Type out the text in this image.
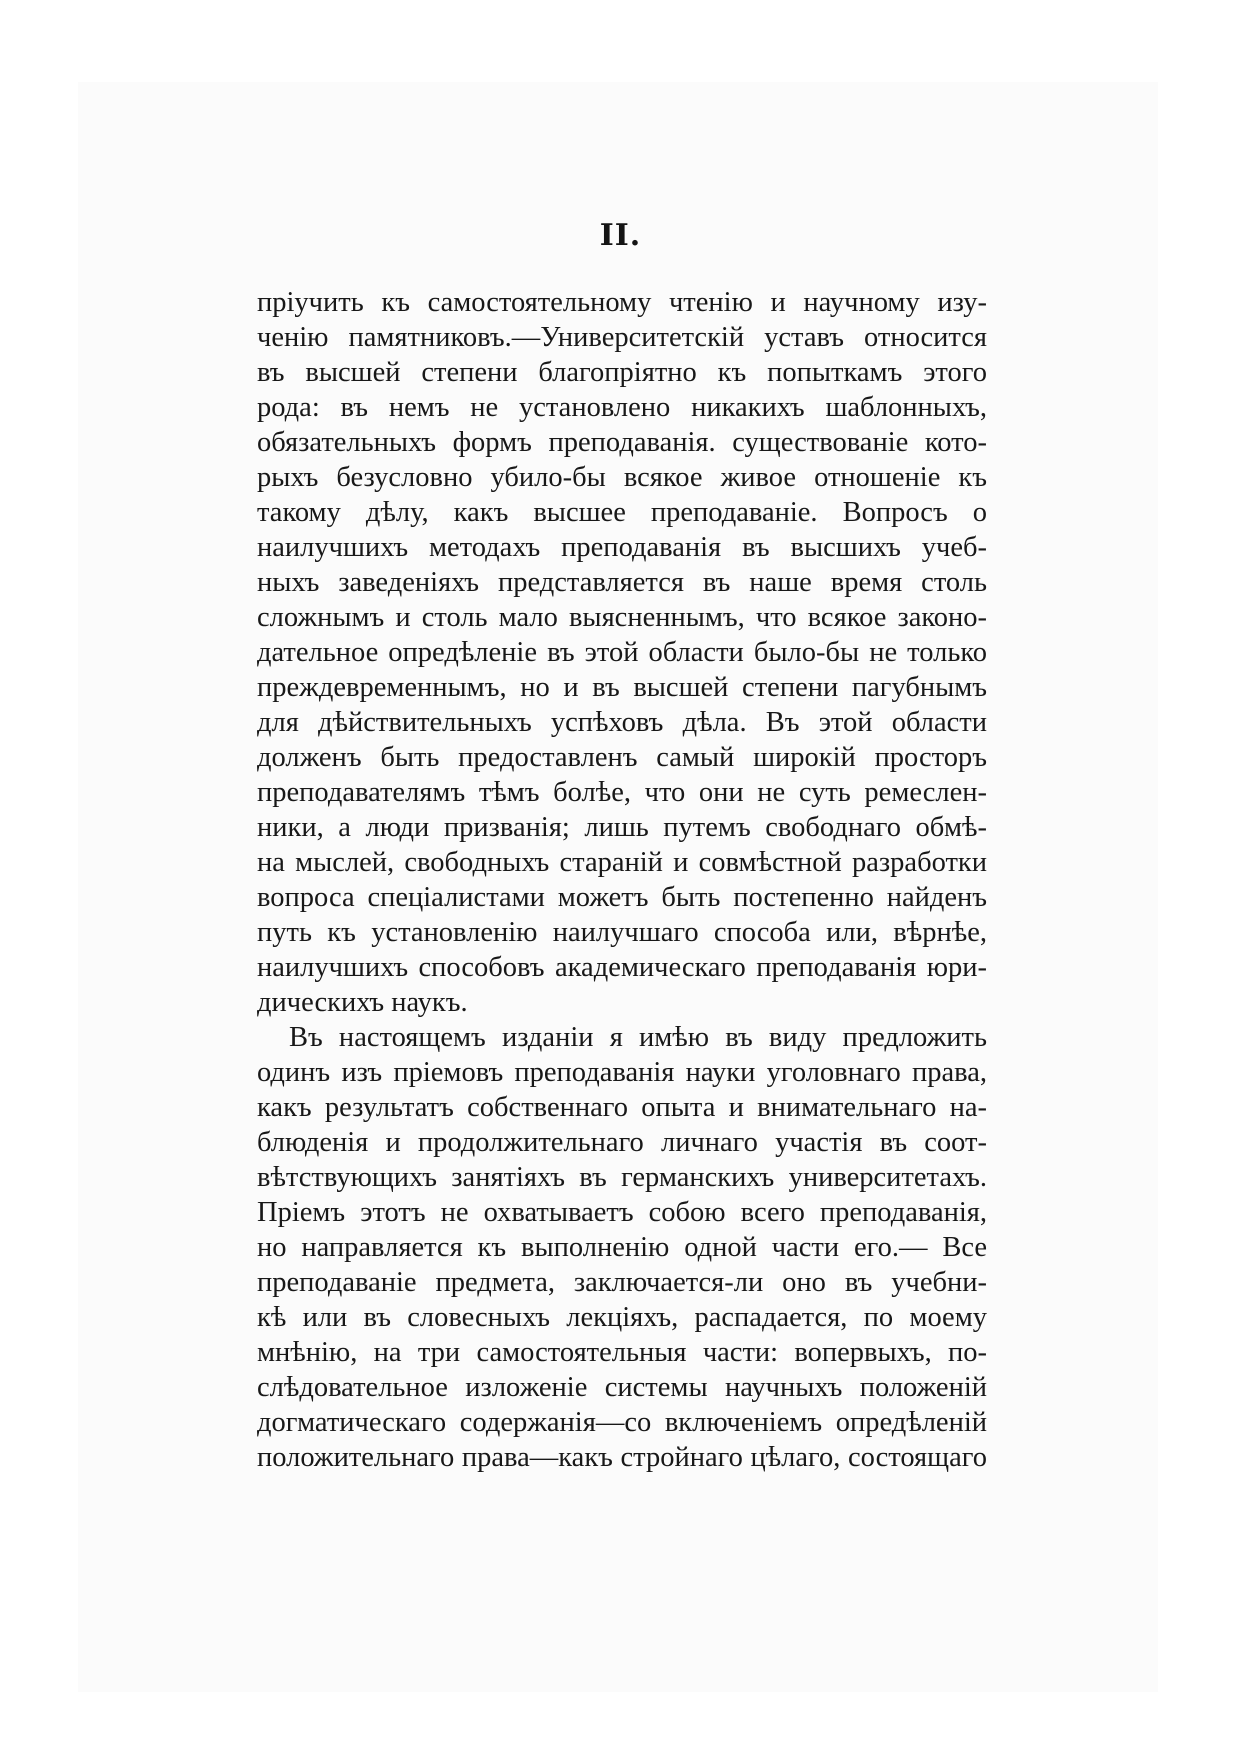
II.
пріучить къ самостоятельному чтенію и научному изу-
ченію памятниковъ.—Университетскій уставъ относится
въ высшей степени благопріятно къ попыткамъ этого
рода: въ немъ не установлено никакихъ шаблонныхъ,
обязательныхъ формъ преподаванія. существованіе кото-
рыхъ безусловно убило-бы всякое живое отношеніе къ
такому дѣлу, какъ высшее преподаваніе. Вопросъ о
наилучшихъ методахъ преподаванія въ высшихъ учеб-
ныхъ заведеніяхъ представляется въ наше время столь
сложнымъ и столь мало выясненнымъ, что всякое законо-
дательное опредѣленіе въ этой области было-бы не только
преждевременнымъ, но и въ высшей степени пагубнымъ
для дѣйствительныхъ успѣховъ дѣла. Въ этой области
долженъ быть предоставленъ самый широкій просторъ
преподавателямъ тѣмъ болѣе, что они не суть ремеслен-
ники, а люди призванія; лишь путемъ свободнаго обмѣ-
на мыслей, свободныхъ стараній и совмѣстной разработки
вопроса спеціалистами можетъ быть постепенно найденъ
путь къ установленію наилучшаго способа или, вѣрнѣе,
наилучшихъ способовъ академическаго преподаванія юри-
дическихъ наукъ.
Въ настоящемъ изданіи я имѣю въ виду предложить
одинъ изъ пріемовъ преподаванія науки уголовнаго права,
какъ результатъ собственнаго опыта и внимательнаго на-
блюденія и продолжительнаго личнаго участія въ соот-
вѣтствующихъ занятіяхъ въ германскихъ университетахъ.
Пріемъ этотъ не охватываетъ собою всего преподаванія,
но направляется къ выполненію одной части его.— Все
преподаваніе предмета, заключается-ли оно въ учебни-
кѣ или въ словесныхъ лекціяхъ, распадается, по моему
мнѣнію, на три самостоятельныя части: вопервыхъ, по-
слѣдовательное изложеніе системы научныхъ положеній
догматическаго содержанія—со включеніемъ опредѣленій
положительнаго права—какъ стройнаго цѣлаго, состоящаго
